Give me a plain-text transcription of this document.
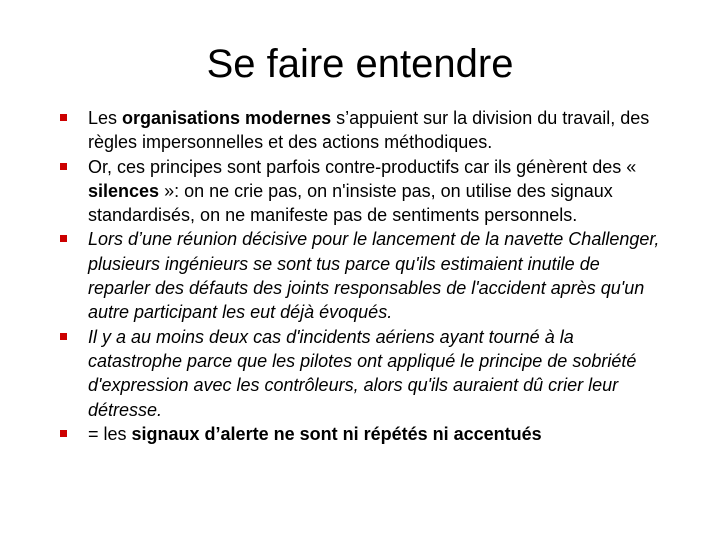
Se faire entendre
Les organisations modernes s’appuient sur la division du travail, des règles impersonnelles et des actions méthodiques.
Or, ces principes sont parfois contre-productifs car ils génèrent des « silences »: on ne crie pas, on n'insiste pas, on utilise des signaux standardisés, on ne manifeste pas de sentiments personnels.
Lors d’une réunion décisive pour le lancement de la navette Challenger, plusieurs ingénieurs se sont tus parce qu'ils estimaient inutile de reparler des défauts des joints responsables de l'accident après qu'un autre participant les eut déjà évoqués.
Il y a au moins deux cas d'incidents aériens ayant tourné à la catastrophe parce que les pilotes ont appliqué le principe de sobriété d'expression avec les contrôleurs, alors qu'ils auraient dû crier leur détresse.
= les signaux d’alerte ne sont ni répétés ni accentués
